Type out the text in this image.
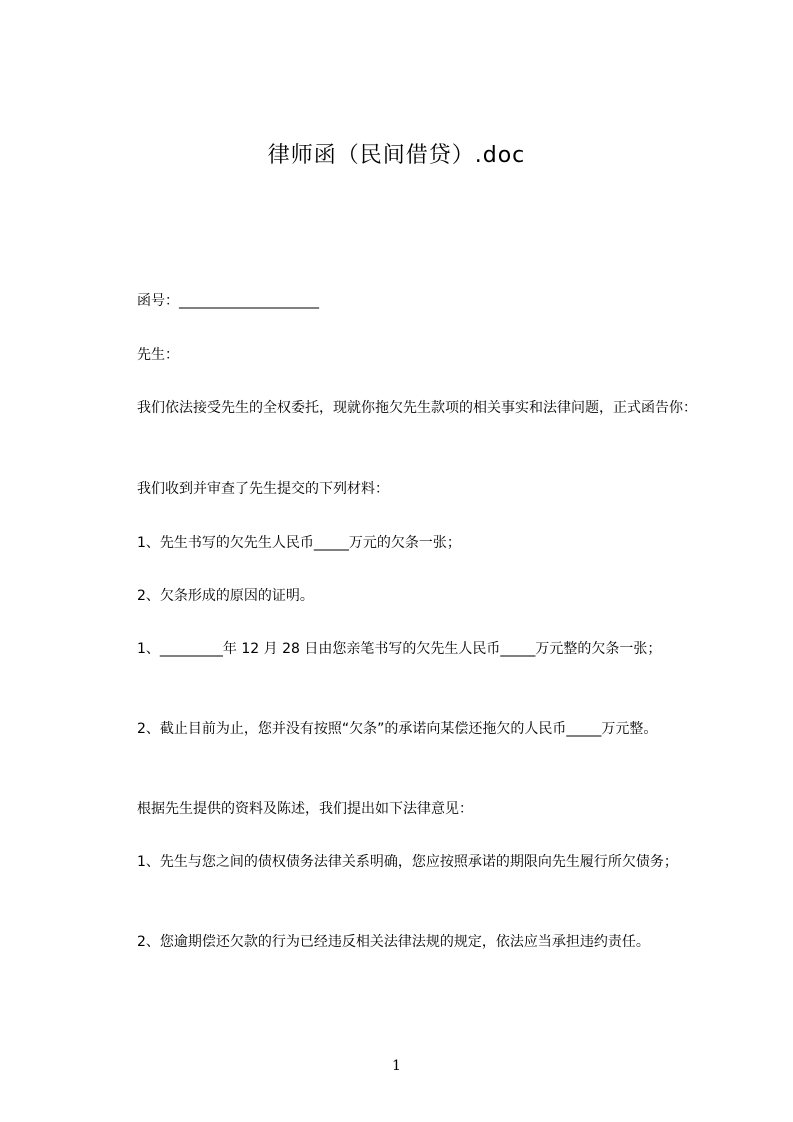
律师函（民间借贷）.doc

函号：____________________

先生：

我们依法接受先生的全权委托，现就你拖欠先生款项的相关事实和法律问题，正式函告你：

我们收到并审查了先生提交的下列材料：

1、先生书写的欠先生人民币_____万元的欠条一张；

2、欠条形成的原因的证明。

1、_________年 12 月 28 日由您亲笔书写的欠先生人民币_____万元整的欠条一张；

2、截止目前为止，您并没有按照“欠条”的承诺向某偿还拖欠的人民币_____万元整。

根据先生提供的资料及陈述，我们提出如下法律意见：

1、先生与您之间的债权债务法律关系明确，您应按照承诺的期限向先生履行所欠债务；

2、您逾期偿还欠款的行为已经违反相关法律法规的规定，依法应当承担违约责任。

1
